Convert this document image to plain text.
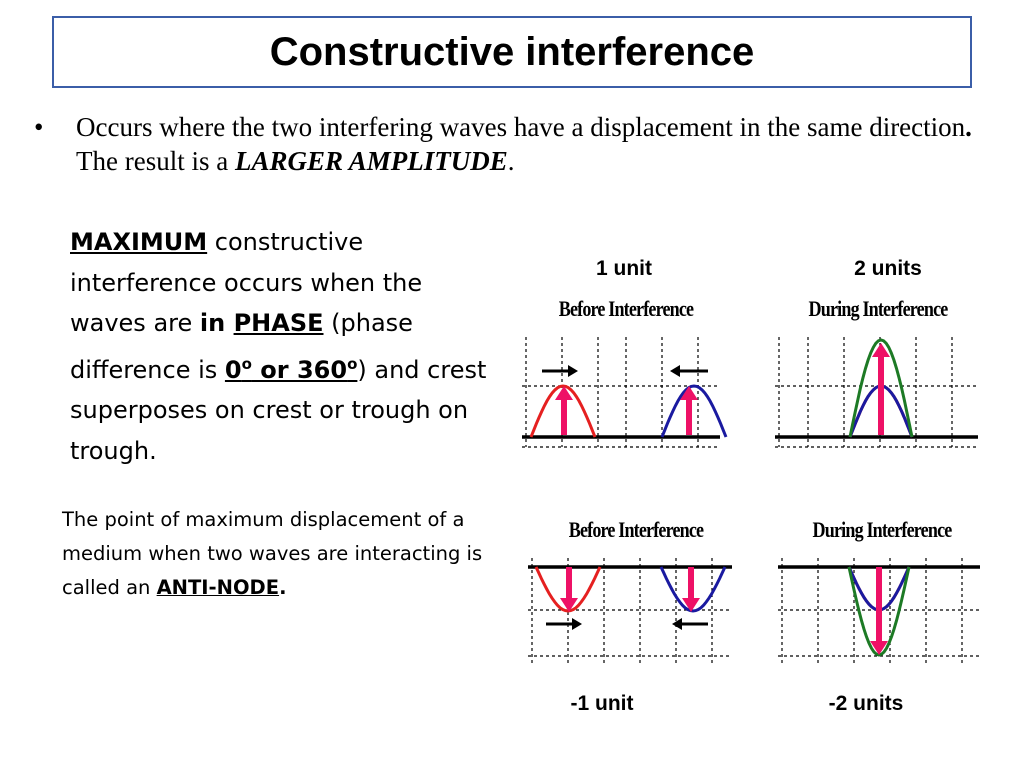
Constructive interference
•	Occurs where the two interfering waves have a displacement in the same direction. The result is a LARGER AMPLITUDE.
MAXIMUM constructive interference occurs when the waves are in PHASE (phase difference is 0$^o$ or 360$^o$) and crest superposes on crest or trough on trough.
The point of maximum displacement of a medium when two waves are interacting is called an ANTI-NODE.
1 unit	2 units
-1 unit	-2 units
Before Interference	During Interference
Before Interference	During Interference
